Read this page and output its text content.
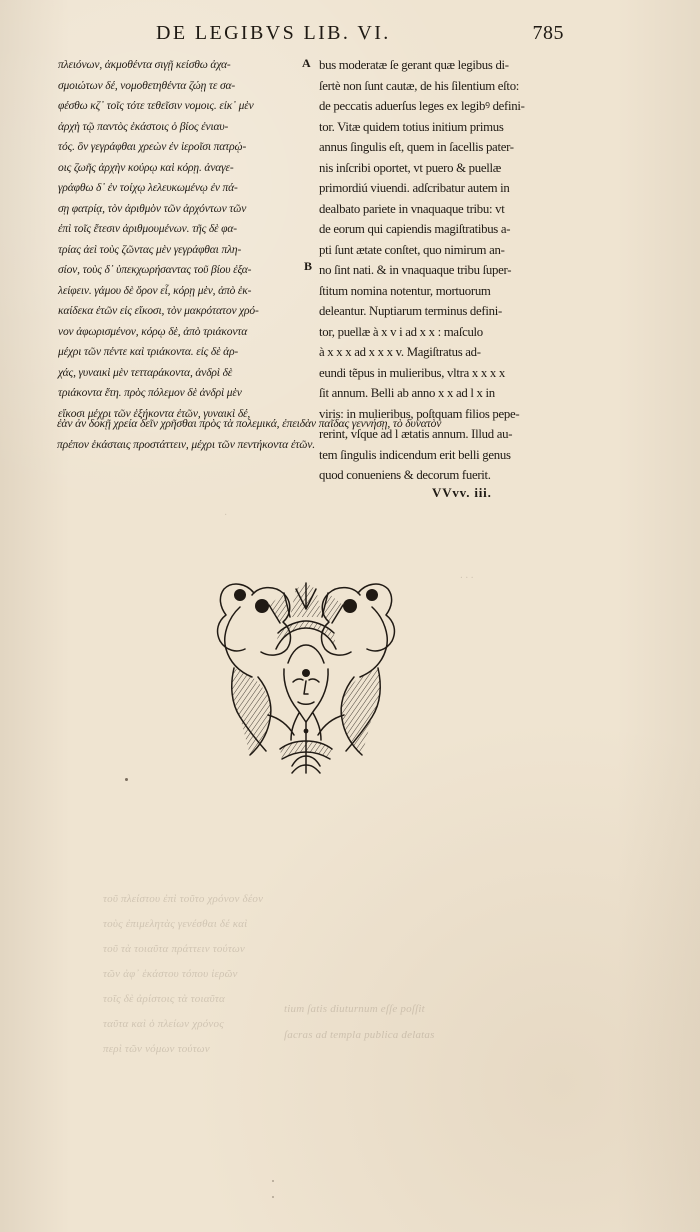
DE LEGIBVS LIB. VI.	785
A
B
πλειόνων, ἀκμοθέντα σιγῇ κείσθω ἀχα-
σμοιώτων δέ, νομοθετηθέντα ζώῃ τε σα-
φέσθω κζ᾽ τοῖς τότε τεθεῖσιν νομοις. εἰκ᾽ μὲν
ἀρχὴ τῷ παντὸς ἑκάστοις ὁ βίος ἐνιαυ-
τός. ὃν γεγράφθαι χρεὼν ἐν ἱεροῖσι πατρῴ-
οις ζωῆς ἀρχὴν κούρῳ καὶ κόρῃ. ἀναγε-
γράφθω δ᾽ ἐν τοίχῳ λελευκωμένῳ ἐν πά-
σῃ φατρίᾳ, τὸν ἀριθμὸν τῶν ἀρχόντων τῶν
ἐπὶ τοῖς ἔτεσιν ἀριθμουμένων. τῆς δὲ φα-
τρίας ἀεὶ τοὺς ζῶντας μὲν γεγράφθαι πλη-
σίον, τοὺς δ᾽ ὑπεκχωρήσαντας τοῦ βίου ἐξα-
λείφειν. γάμου δὲ ὅρον εἶ, κόρῃ μὲν, ἀπὸ ἑκ-
καίδεκα ἐτῶν εἰς εἴκοσι, τὸν μακρότατον χρό-
νον ἀφωρισμένον, κόρῳ δὲ, ἀπὸ τριάκοντα
μέχρι τῶν πέντε καὶ τριάκοντα. εἰς δὲ ἀρ-
χάς, γυναικὶ μὲν τετταράκοντα, ἀνδρὶ δὲ
τριάκοντα ἔτη. πρὸς πόλεμον δὲ ἀνδρὶ μὲν
εἴκοσι μέχρι τῶν ἑξήκοντα ἐτῶν, γυναικὶ δέ,
bus moderatæ ſe gerant quæ legibus di-
ſertè non ſunt cautæ, de his ſilentium eſto:
de peccatis aduerſus leges ex legibꝰ defini-
tor. Vitæ quidem totius initium primus
annus ſingulis eſt, quem in ſacellis pater-
nis inſcribi oportet, vt puero & puellæ
primordiú viuendi. adſcribatur autem in
dealbato pariete in vnaquaque tribu: vt
de eorum qui capiendis magiſtratibus a-
pti ſunt ætate conſtet, quo nimirum an-
no ſint nati. & in vnaquaque tribu ſuper-
ſtitum nomina notentur, mortuorum
deleantur. Nuptiarum terminus defini-
tor, puellæ à x v i ad x x : maſculo
à x x x ad x x x v. Magiſtratus ad-
eundi tẽpus in mulieribus, vltra x x x x
ſit annum. Belli ab anno x x ad l x in
viris: in mulieribus, poſtquam filios pepe-
rerint, vſque ad l ætatis annum. Illud au-
tem ſingulis indicendum erit belli genus
quod conueniens & decorum fuerit.
ἐὰν ἀν δοκῇ χρεία δεῖν χρῆσθαι πρὸς τὰ πολεμικά, ἐπειδὰν παῖδας γεννήσῃ, τὸ δυνατὸν
πρέπον ἑκάσταις προστάττειν, μέχρι τῶν πεντήκοντα ἐτῶν.
VVvv. iii.
τοῦ πλείστου ἐπὶ τοῦτο χρόνον δέον
τοὺς ἐπιμελητὰς γενέσθαι δέ καὶ
τοῦ τὰ τοιαῦτα πράττειν τούτων
τῶν ἀφ᾽ ἑκάστου τόπου ἱερῶν
τοῖς δὲ ἀρίστοις τὰ τοιαῦτα
ταῦτα καὶ ὁ πλείων χρόνος
περὶ τῶν νόμων τούτων
tium ſatis diuturnum eſſe poſſit
ſacras ad templa publica delatas
· · ·
·
